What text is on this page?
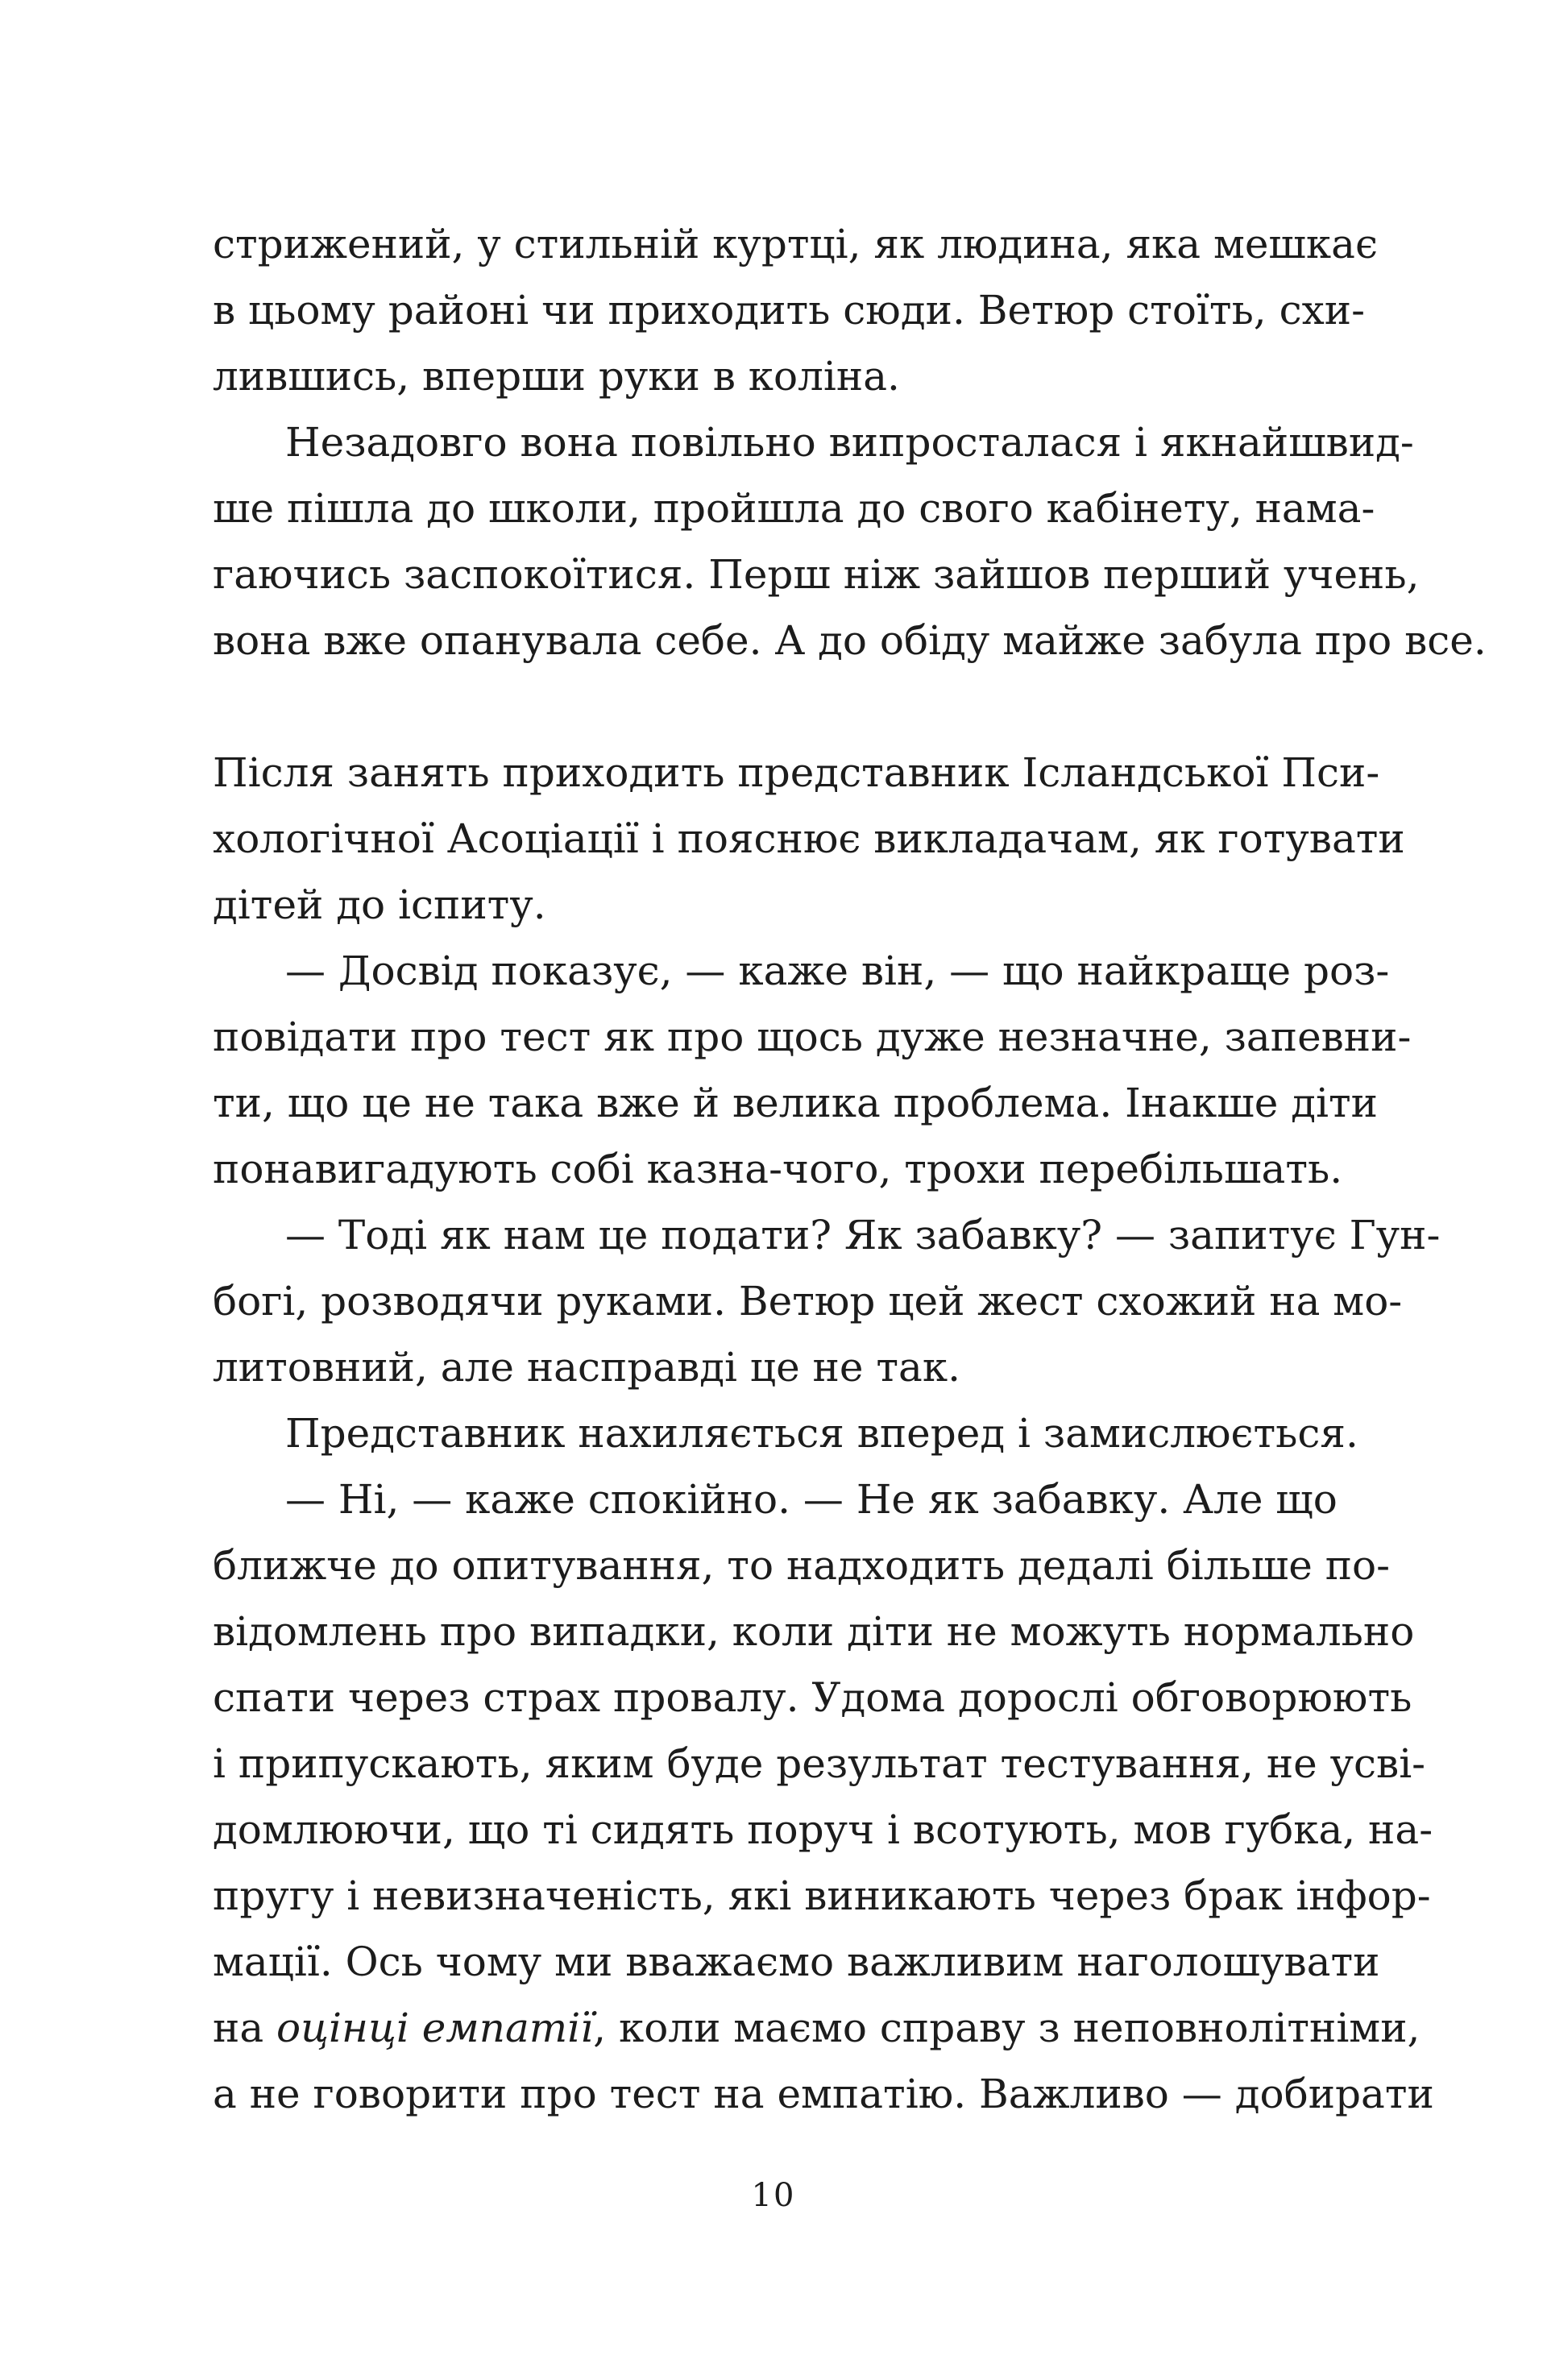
стрижений, у стильній куртці, як людина, яка мешкає
в цьому районі чи приходить сюди. Ветюр стоїть, схи-
лившись, вперши руки в коліна.
Незадовго вона повільно випросталася і якнайшвид-
ше пішла до школи, пройшла до свого кабінету, нама-
гаючись заспокоїтися. Перш ніж зайшов перший учень,
вона вже опанувала себе. А до обіду майже забула про все.
Після занять приходить представник Ісландської Пси-
хологічної Асоціації і пояснює викладачам, як готувати
дітей до іспиту.
— Досвід показує, — каже він, — що найкраще роз-
повідати про тест як про щось дуже незначне, запевни-
ти, що це не така вже й велика проблема. Інакше діти
понавигадують собі казна-чого, трохи перебільшать.
— Тоді як нам це подати? Як забавку? — запитує Гун-
богі, розводячи руками. Ветюр цей жест схожий на мо-
литовний, але насправді це не так.
Представник нахиляється вперед і замислюється.
— Ні, — каже спокійно. — Не як забавку. Але що
ближче до опитування, то надходить дедалі більше по-
відомлень про випадки, коли діти не можуть нормально
спати через страх провалу. Удома дорослі обговорюють
і припускають, яким буде результат тестування, не усві-
домлюючи, що ті сидять поруч і всотують, мов губка, на-
пругу і невизначеність, які виникають через брак інфор-
мації. Ось чому ми вважаємо важливим наголошувати
на оцінці емпатії, коли маємо справу з неповнолітніми,
а не говорити про тест на емпатію. Важливо — добирати
10
